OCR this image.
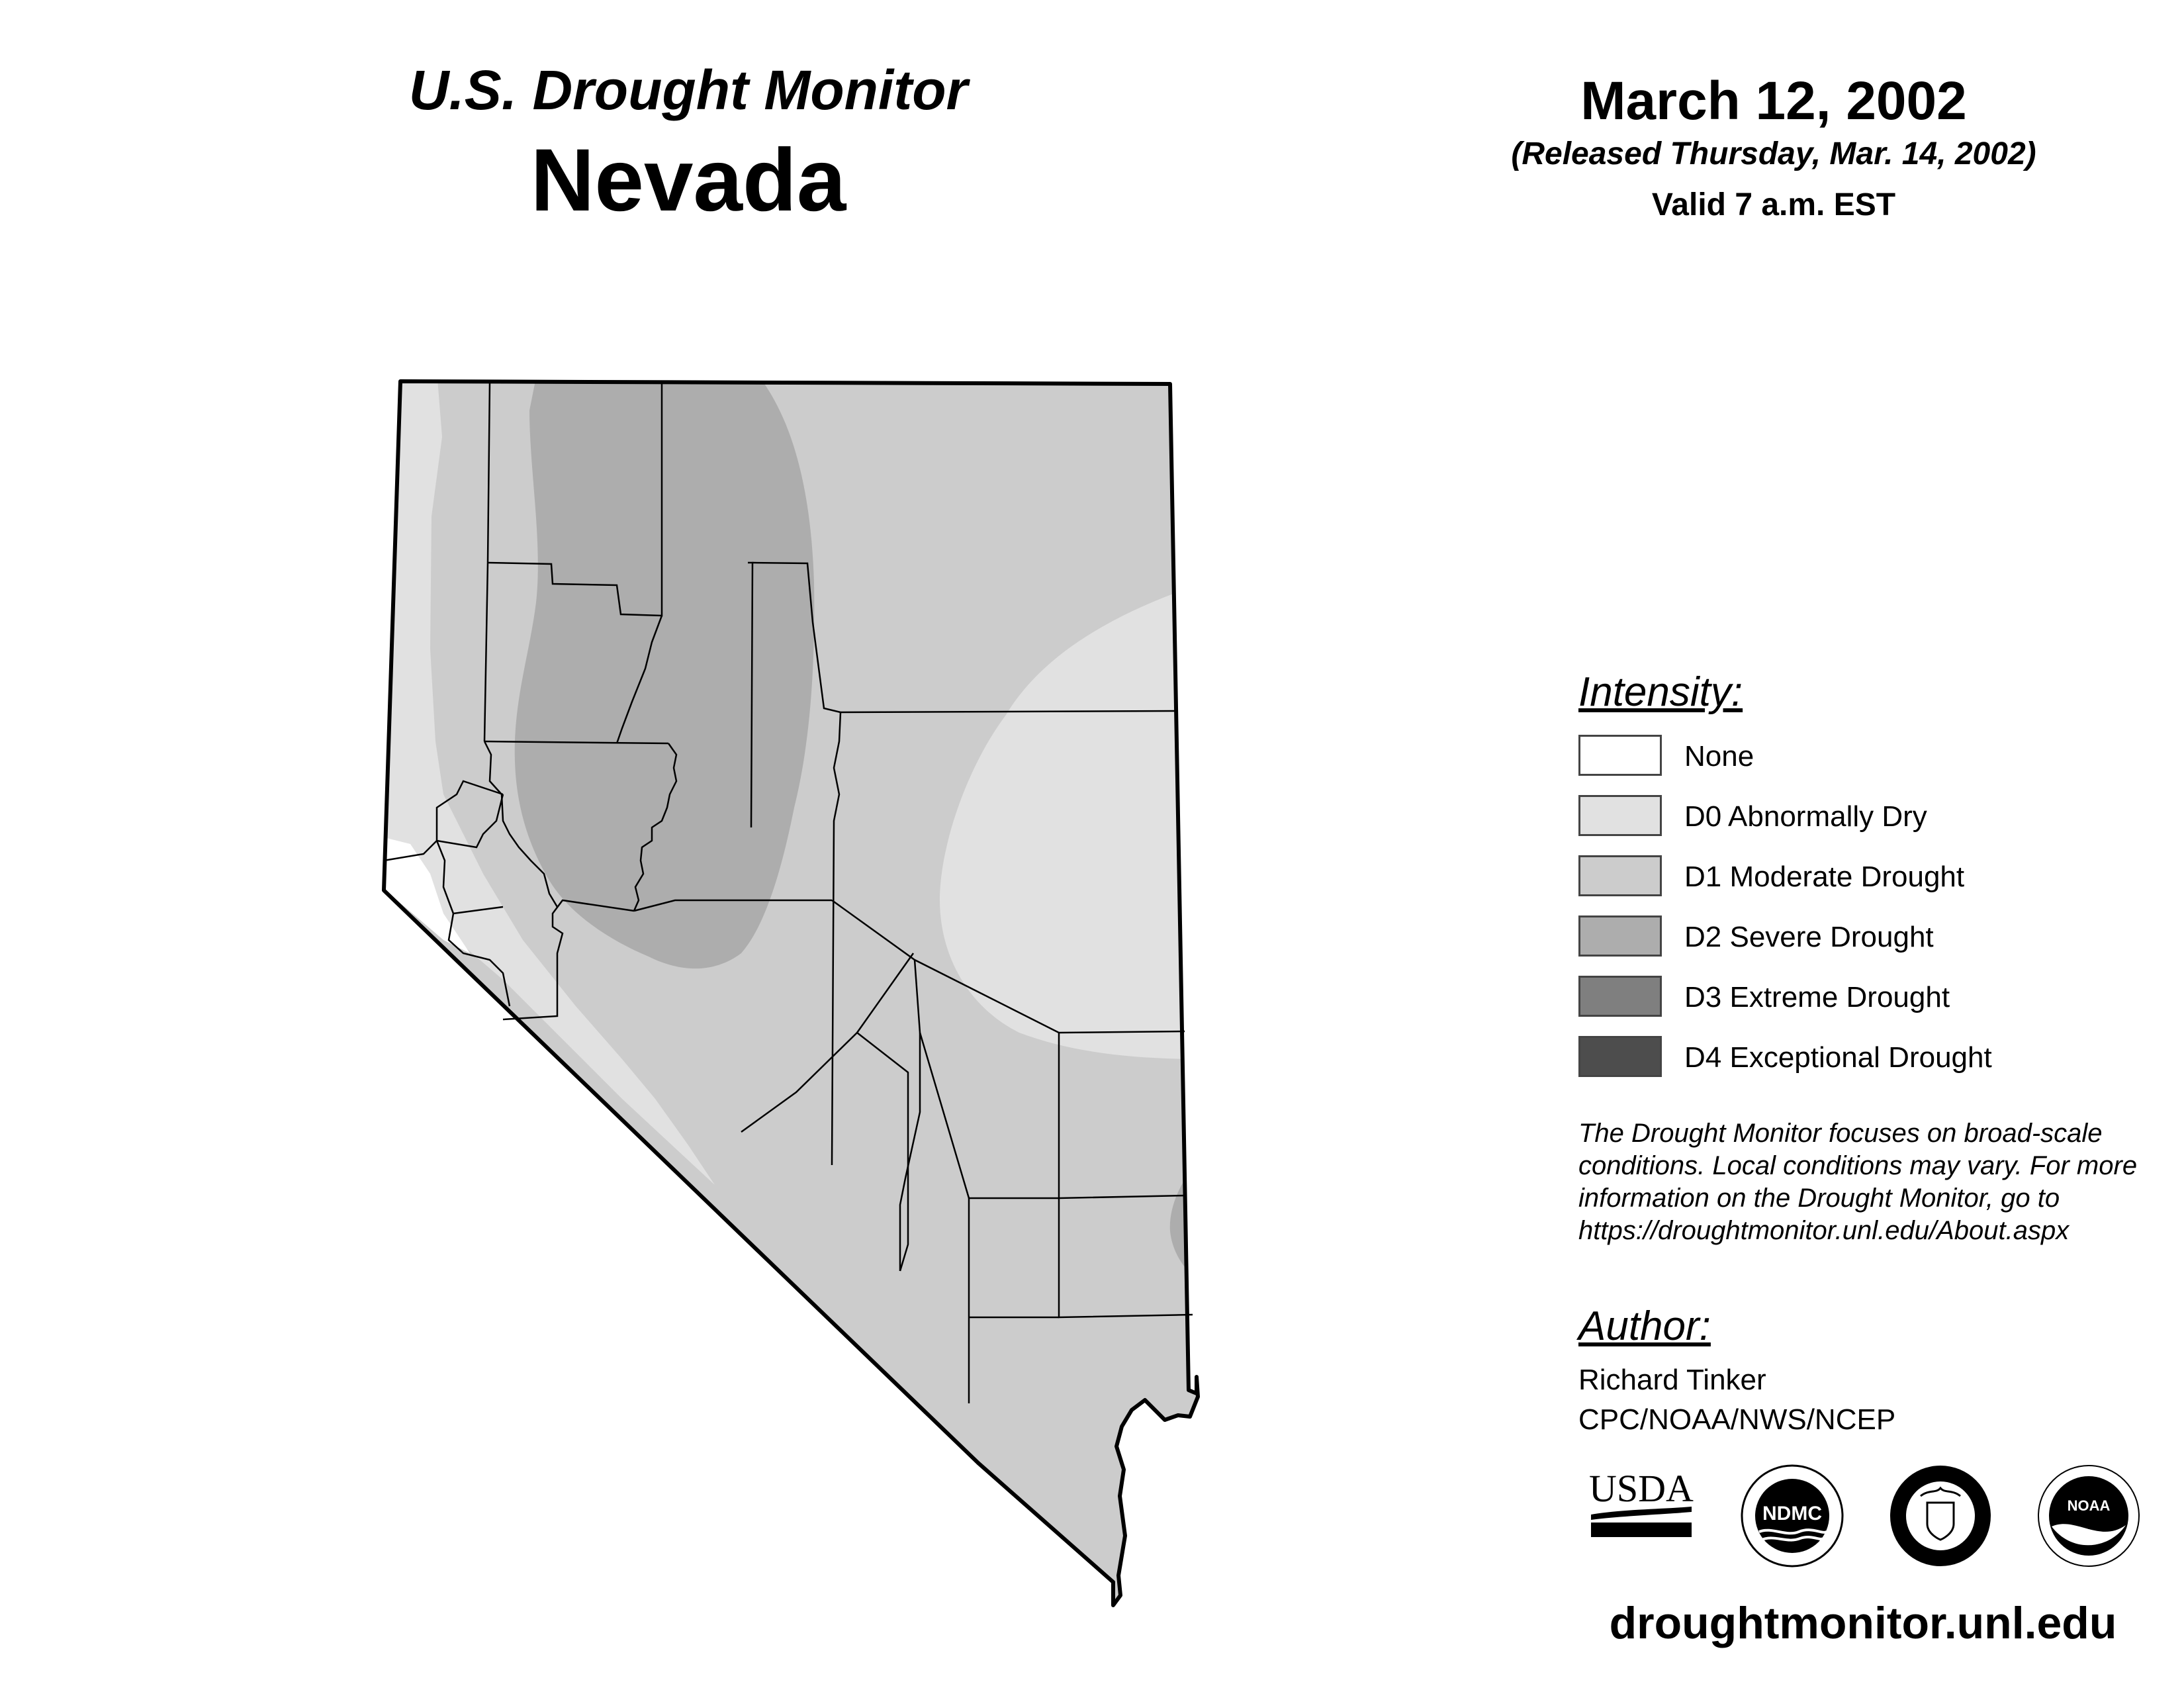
U.S. Drought Monitor
Nevada
March 12, 2002
(Released Thursday, Mar. 14, 2002)
Valid 7 a.m. EST
Intensity:
None
D0 Abnormally Dry
D1 Moderate Drought
D2 Severe Drought
D3 Extreme Drought
D4 Exceptional Drought
The Drought Monitor focuses on broad-scale conditions. Local conditions may vary. For more information on the Drought Monitor, go to https://droughtmonitor.unl.edu/About.aspx
Author:
Richard Tinker
CPC/NOAA/NWS/NCEP
USDA
NDMC	NOAA
droughtmonitor.unl.edu
